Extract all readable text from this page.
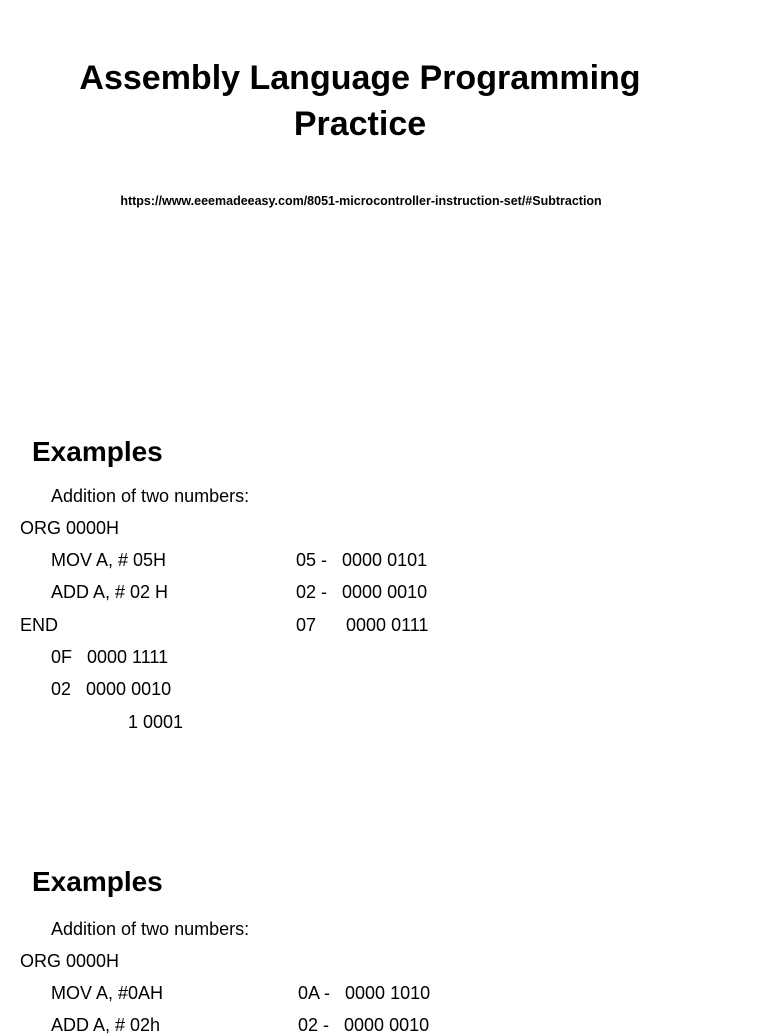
Assembly Language Programming
Practice
https://www.eeemadeeasy.com/8051-microcontroller-instruction-set/#Subtraction
Examples
Addition of two numbers:
ORG 0000H
MOV A, # 05H
ADD A, # 02 H
END
05 -   0000 0101
02 -   0000 0010
07      0000 0111
0F   0000 1111
02   0000 0010
1 0001
Examples
Addition of two numbers:
ORG 0000H
MOV A, #0AH
ADD A, # 02h
0A -   0000 1010
02 -   0000 0010
